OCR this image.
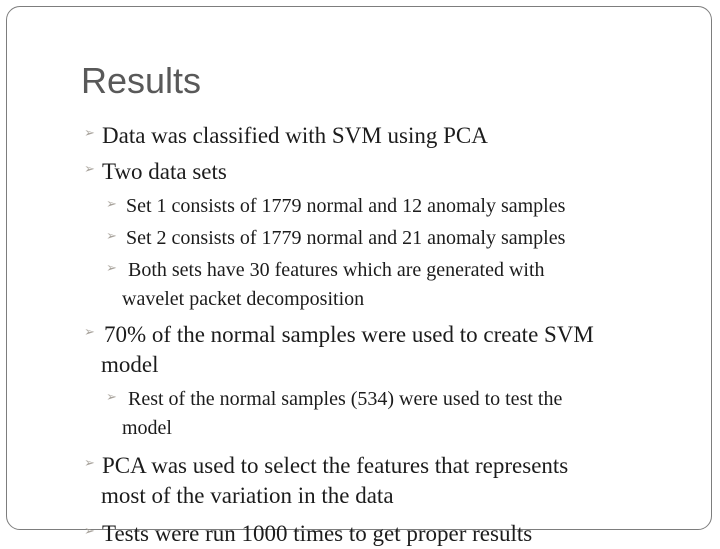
Results
➢ Data was classified with SVM using PCA
➢ Two data sets
➢ Set 1 consists of 1779 normal and 12 anomaly samples
➢ Set 2 consists of 1779 normal and 21 anomaly samples
➢ Both sets have 30 features which are generated with
wavelet packet decomposition
➢ 70% of the normal samples were used to create SVM
model
➢ Rest of the normal samples (534) were used to test the
model
➢ PCA was used to select the features that represents
most of the variation in the data
➢ Tests were run 1000 times to get proper results
